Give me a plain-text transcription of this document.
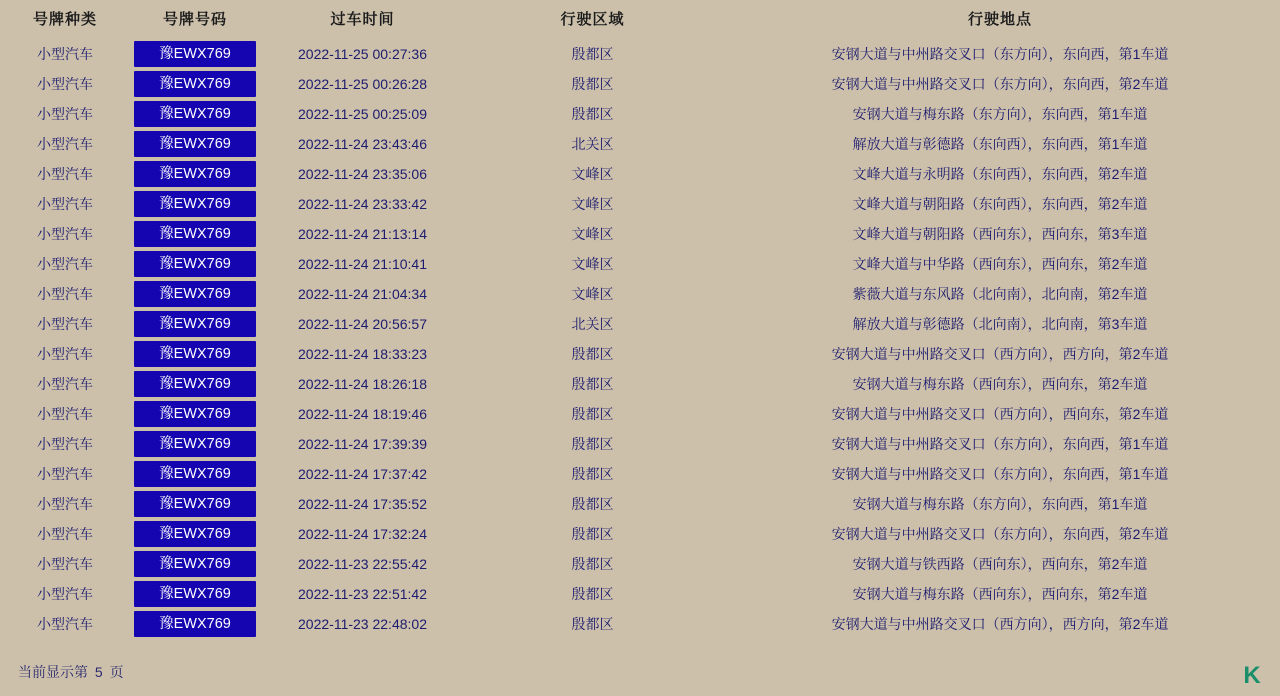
号牌种类	号牌号码	过车时间	行驶区域	行驶地点
小型汽车	豫EWX769	2022-11-25 00:27:36	殷都区	安钢大道与中州路交叉口（东方向），东向西，第1车道
小型汽车	豫EWX769	2022-11-25 00:26:28	殷都区	安钢大道与中州路交叉口（东方向），东向西，第2车道
小型汽车	豫EWX769	2022-11-25 00:25:09	殷都区	安钢大道与梅东路（东方向），东向西，第1车道
小型汽车	豫EWX769	2022-11-24 23:43:46	北关区	解放大道与彰德路（东向西），东向西，第1车道
小型汽车	豫EWX769	2022-11-24 23:35:06	文峰区	文峰大道与永明路（东向西），东向西，第2车道
小型汽车	豫EWX769	2022-11-24 23:33:42	文峰区	文峰大道与朝阳路（东向西），东向西，第2车道
小型汽车	豫EWX769	2022-11-24 21:13:14	文峰区	文峰大道与朝阳路（西向东），西向东，第3车道
小型汽车	豫EWX769	2022-11-24 21:10:41	文峰区	文峰大道与中华路（西向东），西向东，第2车道
小型汽车	豫EWX769	2022-11-24 21:04:34	文峰区	紫薇大道与东风路（北向南），北向南，第2车道
小型汽车	豫EWX769	2022-11-24 20:56:57	北关区	解放大道与彰德路（北向南），北向南，第3车道
小型汽车	豫EWX769	2022-11-24 18:33:23	殷都区	安钢大道与中州路交叉口（西方向），西方向，第2车道
小型汽车	豫EWX769	2022-11-24 18:26:18	殷都区	安钢大道与梅东路（西向东），西向东，第2车道
小型汽车	豫EWX769	2022-11-24 18:19:46	殷都区	安钢大道与中州路交叉口（西方向），西向东，第2车道
小型汽车	豫EWX769	2022-11-24 17:39:39	殷都区	安钢大道与中州路交叉口（东方向），东向西，第1车道
小型汽车	豫EWX769	2022-11-24 17:37:42	殷都区	安钢大道与中州路交叉口（东方向），东向西，第1车道
小型汽车	豫EWX769	2022-11-24 17:35:52	殷都区	安钢大道与梅东路（东方向），东向西，第1车道
小型汽车	豫EWX769	2022-11-24 17:32:24	殷都区	安钢大道与中州路交叉口（东方向），东向西，第2车道
小型汽车	豫EWX769	2022-11-23 22:55:42	殷都区	安钢大道与铁西路（西向东），西向东，第2车道
小型汽车	豫EWX769	2022-11-23 22:51:42	殷都区	安钢大道与梅东路（西向东），西向东，第2车道
小型汽车	豫EWX769	2022-11-23 22:48:02	殷都区	安钢大道与中州路交叉口（西方向），西方向，第2车道
当前显示第 5 页	K
